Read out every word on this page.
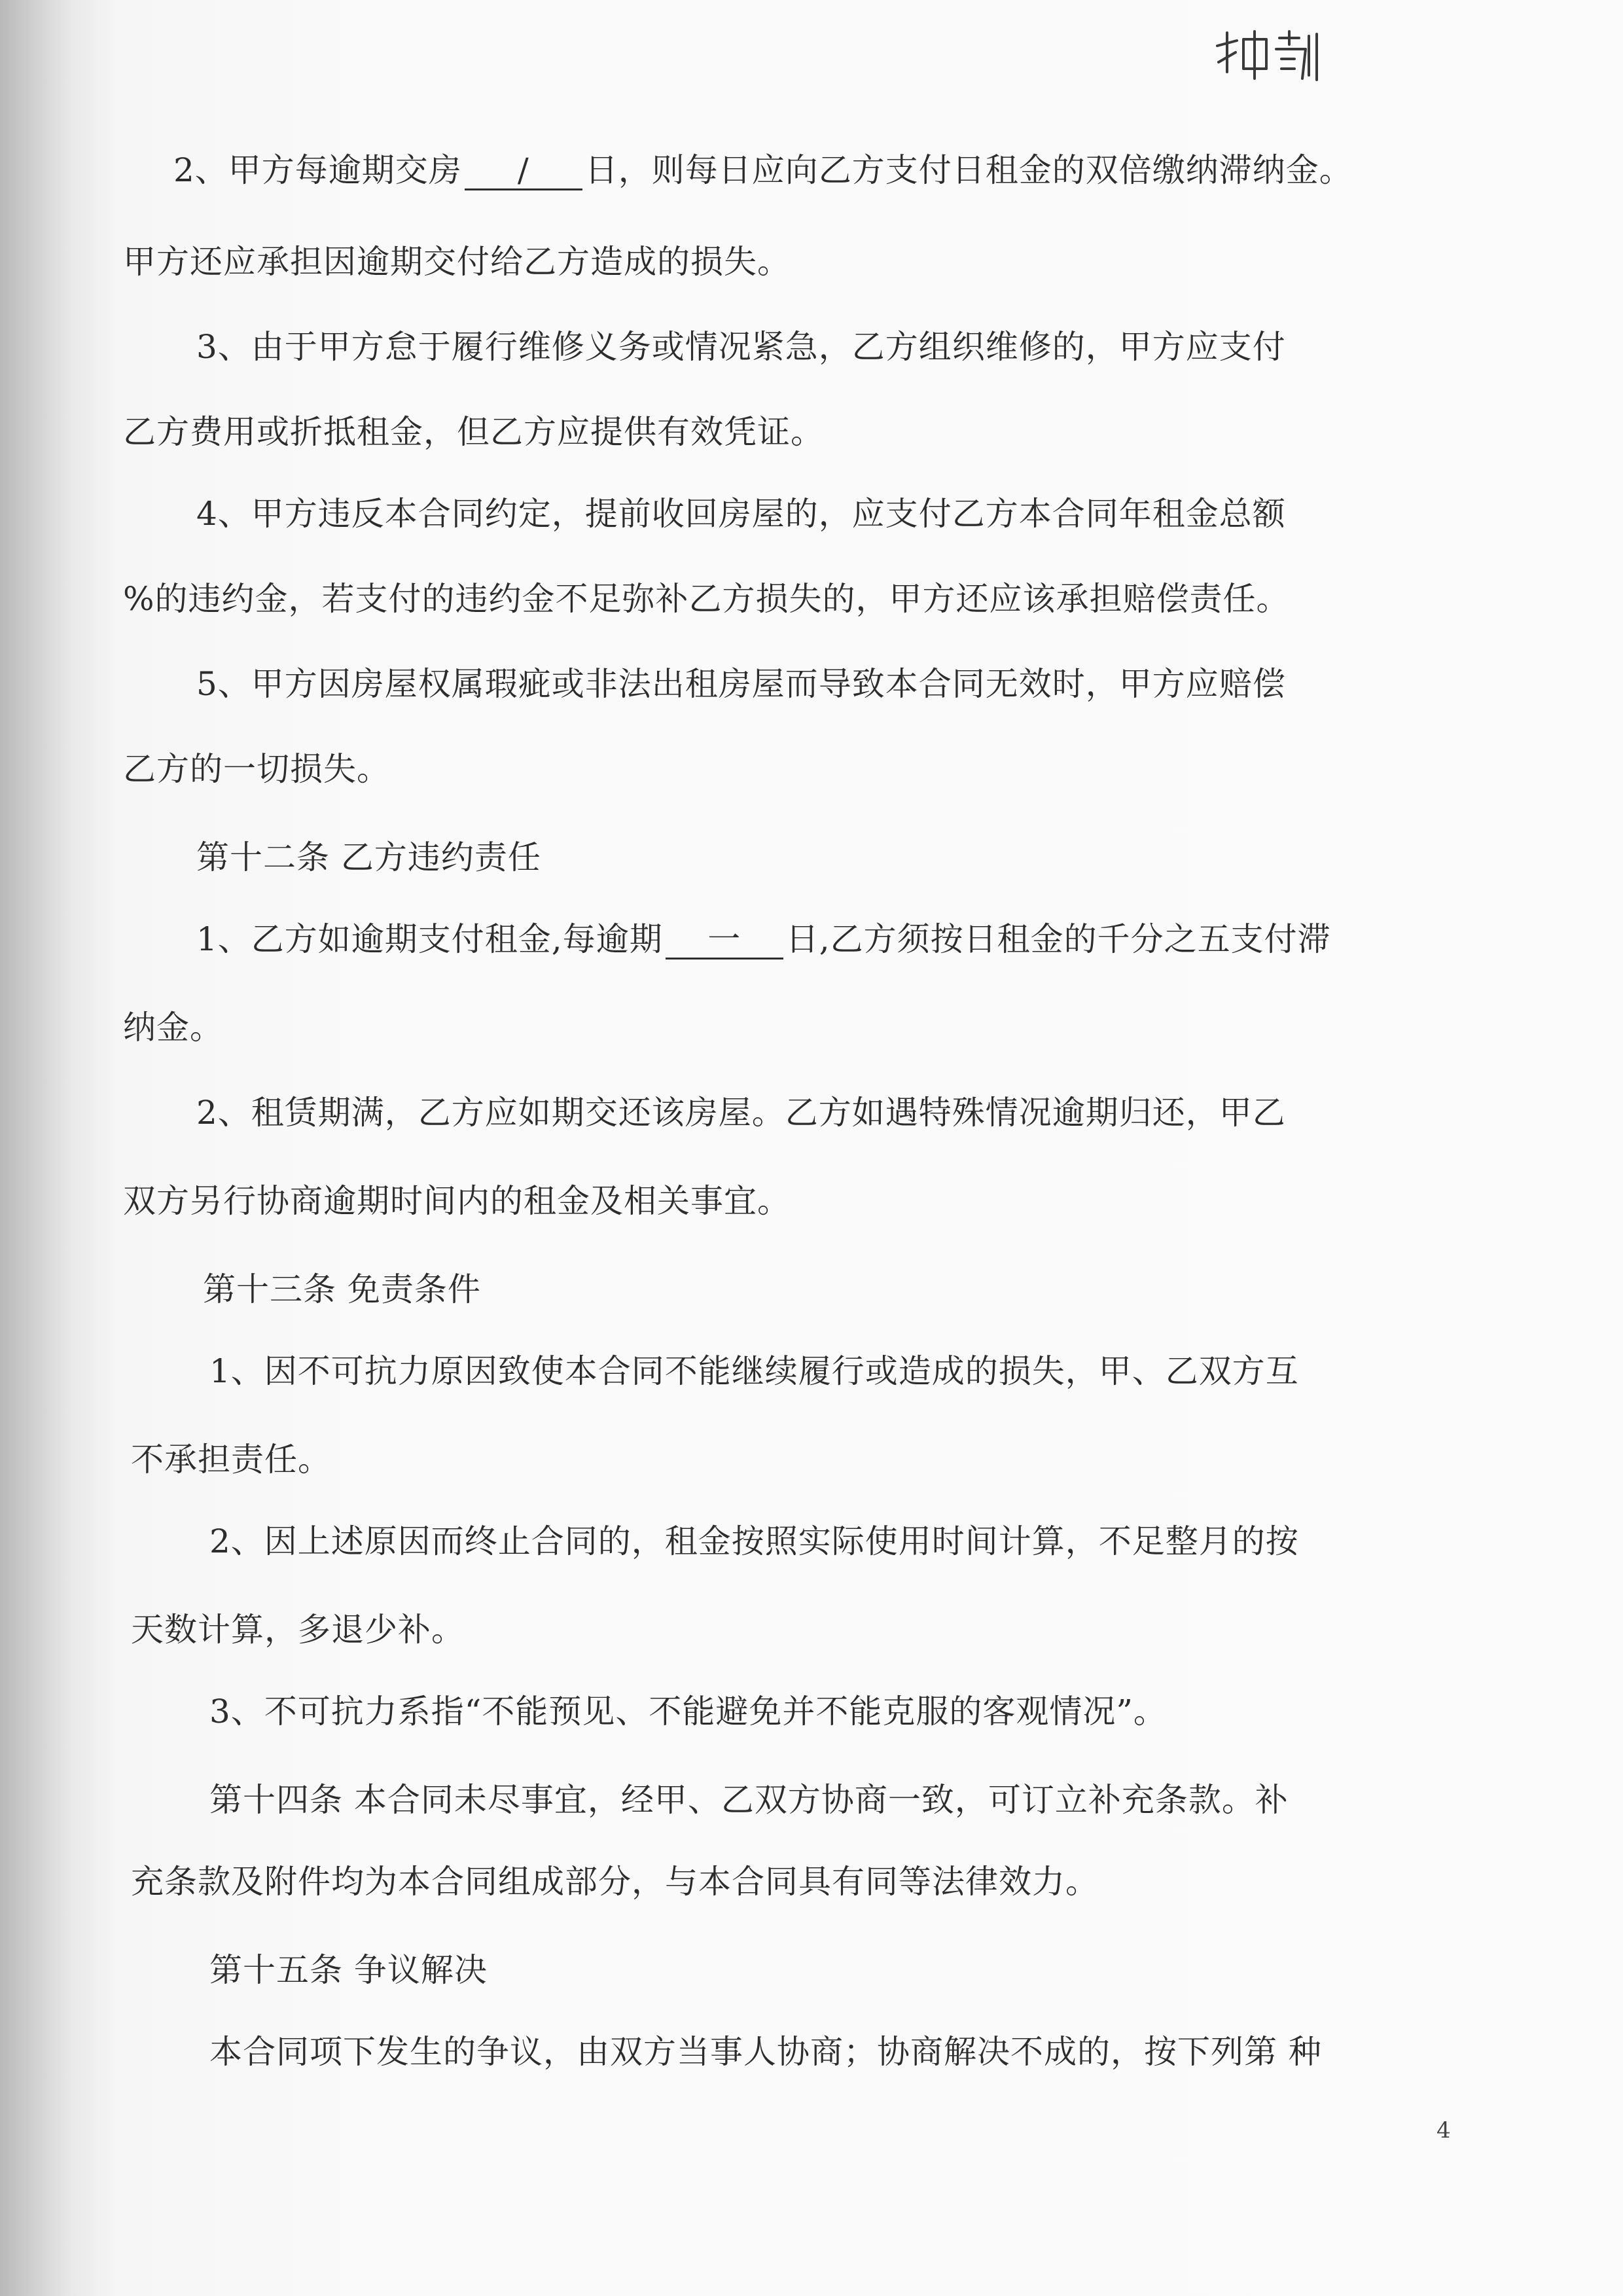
2、甲方每逾期交房 / 日，则每日应向乙方支付日租金的双倍缴纳滞纳金。
甲方还应承担因逾期交付给乙方造成的损失。
3、由于甲方怠于履行维修义务或情况紧急，乙方组织维修的，甲方应支付
乙方费用或折抵租金，但乙方应提供有效凭证。
4、甲方违反本合同约定，提前收回房屋的，应支付乙方本合同年租金总额
%的违约金，若支付的违约金不足弥补乙方损失的，甲方还应该承担赔偿责任。
5、甲方因房屋权属瑕疵或非法出租房屋而导致本合同无效时，甲方应赔偿
乙方的一切损失。
第十二条 乙方违约责任
1、乙方如逾期支付租金,每逾期 一 日,乙方须按日租金的千分之五支付滞
纳金。
2、租赁期满，乙方应如期交还该房屋。乙方如遇特殊情况逾期归还，甲乙
双方另行协商逾期时间内的租金及相关事宜。
第十三条 免责条件
1、因不可抗力原因致使本合同不能继续履行或造成的损失，甲、乙双方互
不承担责任。
2、因上述原因而终止合同的，租金按照实际使用时间计算，不足整月的按
天数计算，多退少补。
3、不可抗力系指“不能预见、不能避免并不能克服的客观情况”。
第十四条 本合同未尽事宜，经甲、乙双方协商一致，可订立补充条款。补
充条款及附件均为本合同组成部分，与本合同具有同等法律效力。
第十五条 争议解决
本合同项下发生的争议，由双方当事人协商；协商解决不成的，按下列第 种
4
